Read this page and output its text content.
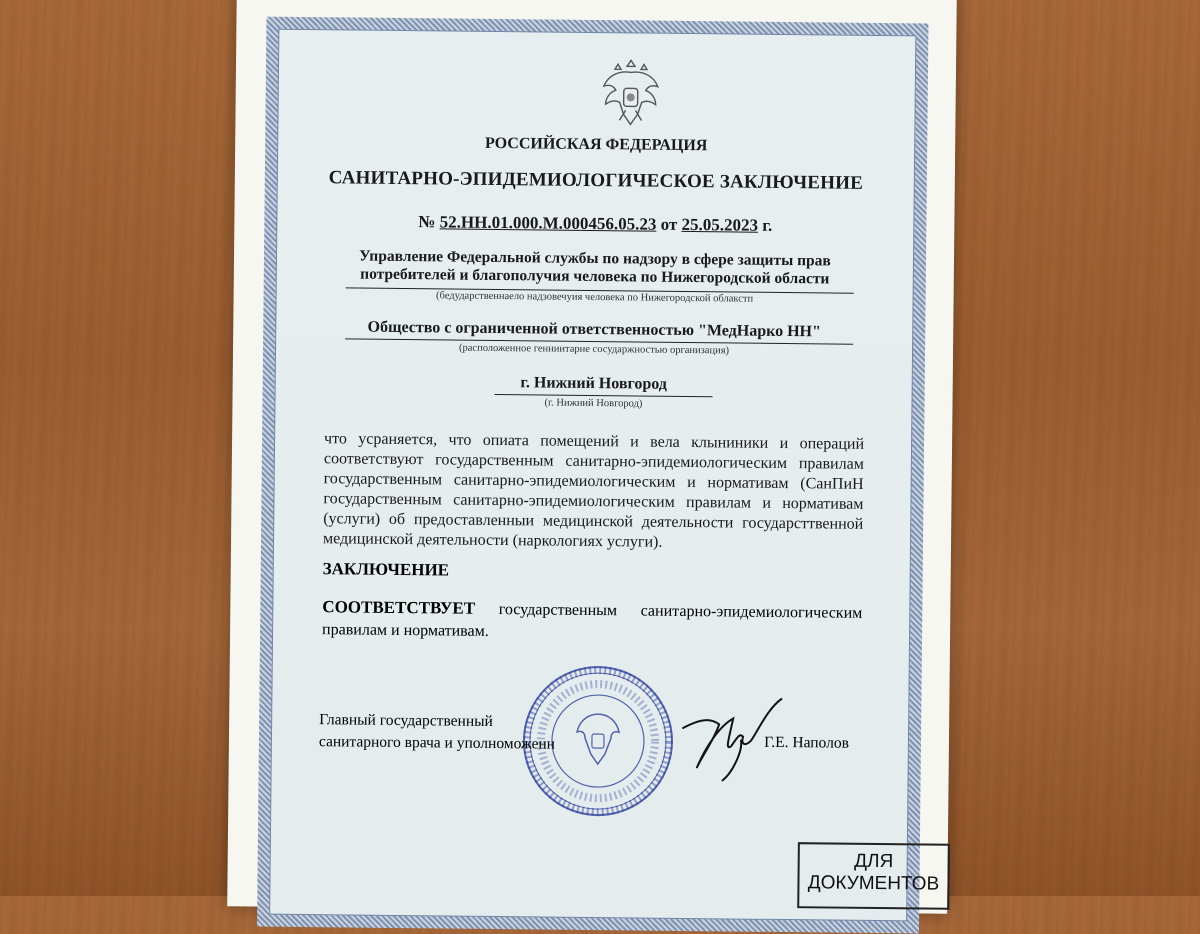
РОССИЙСКАЯ ФЕДЕРАЦИЯ
САНИТАРНО-ЭПИДЕМИОЛОГИЧЕСКОЕ ЗАКЛЮЧЕНИЕ
№ 52.НН.01.000.М.000456.05.23 от 25.05.2023 г.
Управление Федеральной службы по надзору в сфере защиты прав
потребителей и благополучия человека по Нижегородской области
(бедударственнаело надзовечуия человека по Нижегородской облакстп
Общество с ограниченной ответственностью "МедНарко НН"
(расположенное генниитарне сосударжностью организация)
г. Нижний Новгород
(г. Нижний Новгород)
что усраняется, что опиата помещений и вела клыниники и операций соответствуют государственным санитарно-эпидемиологическим правилам государственным санитарно-эпидемиологическим и нормативам (СанПиН государственным санитарно-эпидемиологическим правилам и нормативам (услуги) об предоставленныи медицинской деятельности государсттвенной медицинской деятельности (наркологиях услуги).
ЗАКЛЮЧЕНИЕ
СООТВЕТСТВУЕТ государственным санитарно-эпидемиологическим правилам и нормативам.
Главный государственный
санитарного врача и уполноможенн	Г.Е. Наполов
ДЛЯ
ДОКУМЕНТОВ
